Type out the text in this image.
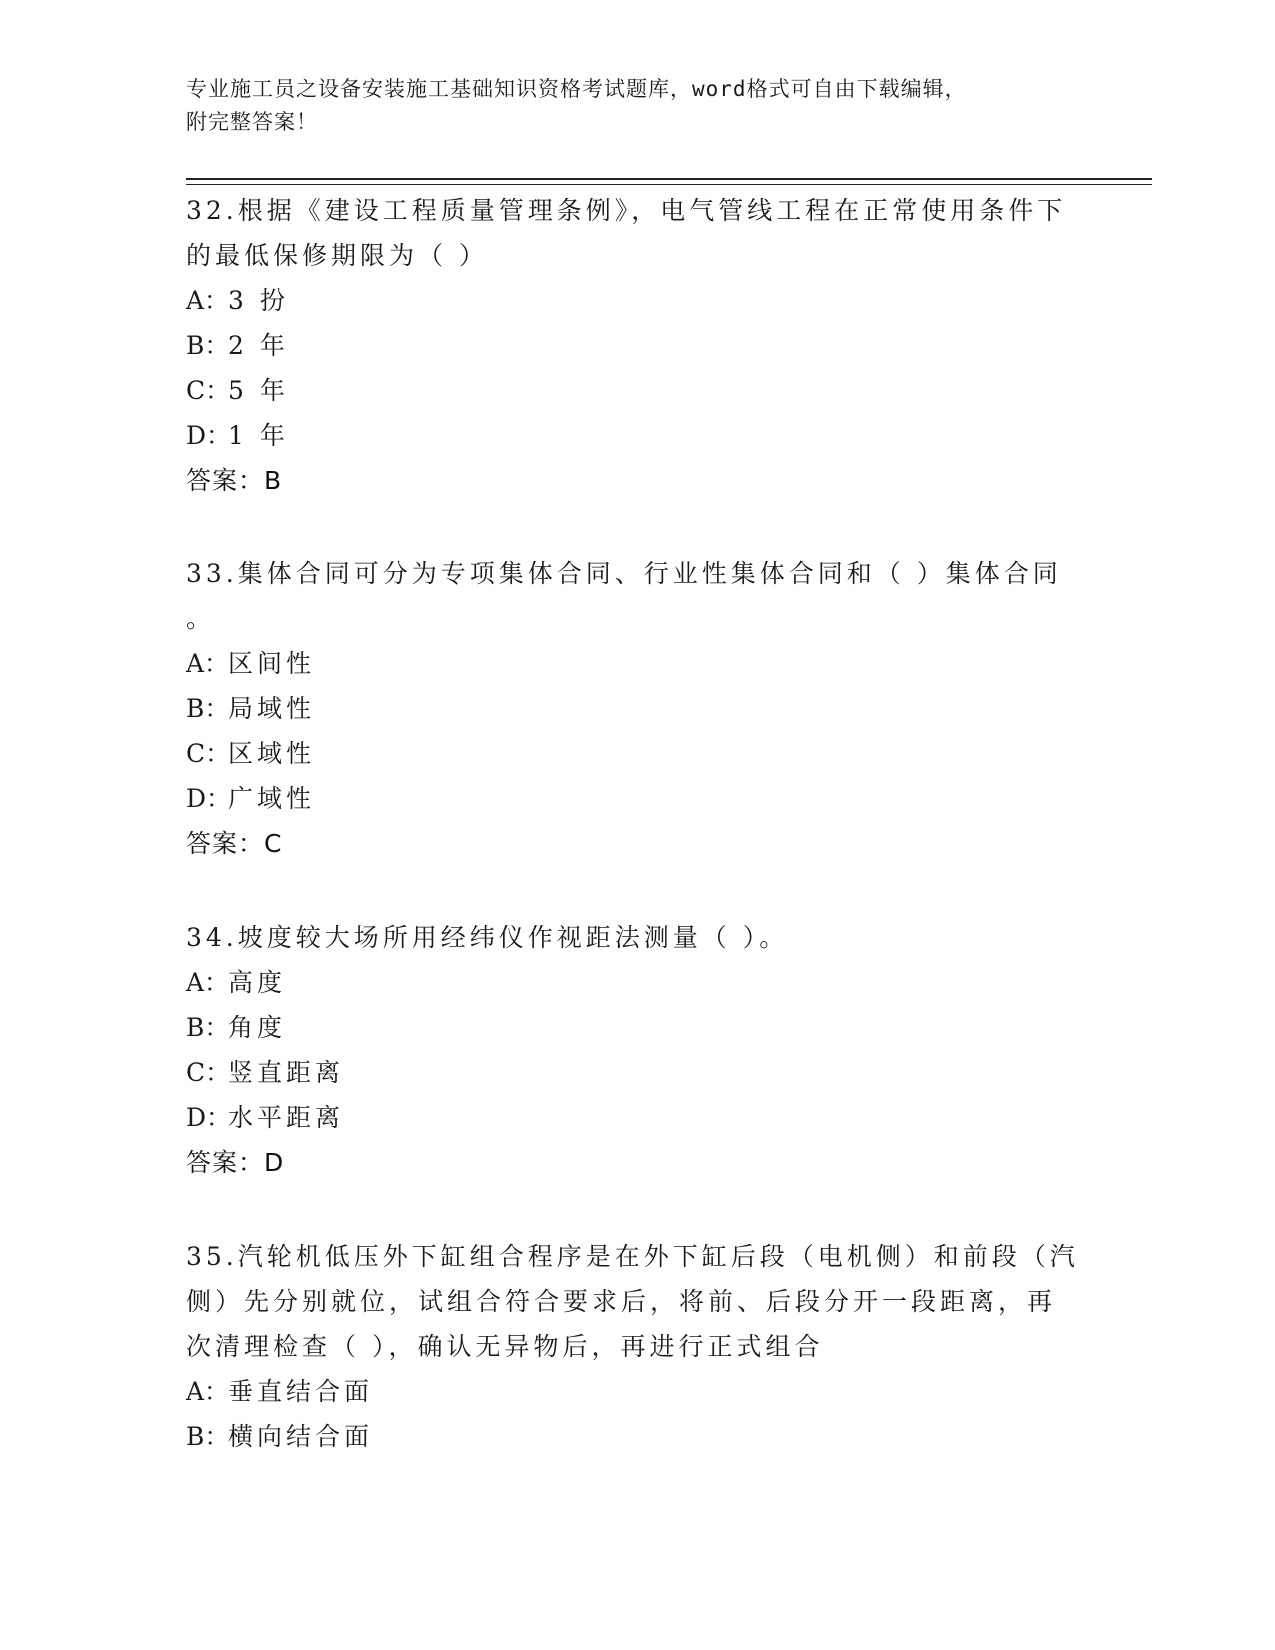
专业施工员之设备安装施工基础知识资格考试题库，word格式可自由下载编辑，
附完整答案！

32.根据《建设工程质量管理条例》，电气管线工程在正常使用条件下

的最低保修期限为（ ）

A：3 扮

B：2 年

C：5 年

D：1 年

答案：B

33.集体合同可分为专项集体合同、行业性集体合同和（ ）集体合同

。

A：区间性

B：局域性

C：区域性

D：广域性

答案：C

34.坡度较大场所用经纬仪作视距法测量（ ）。

A：高度

B：角度

C：竖直距离

D：水平距离

答案：D

35.汽轮机低压外下缸组合程序是在外下缸后段（电机侧）和前段（汽

侧）先分别就位，试组合符合要求后，将前、后段分开一段距离，再

次清理检查（ ），确认无异物后，再进行正式组合

A：垂直结合面

B：横向结合面
